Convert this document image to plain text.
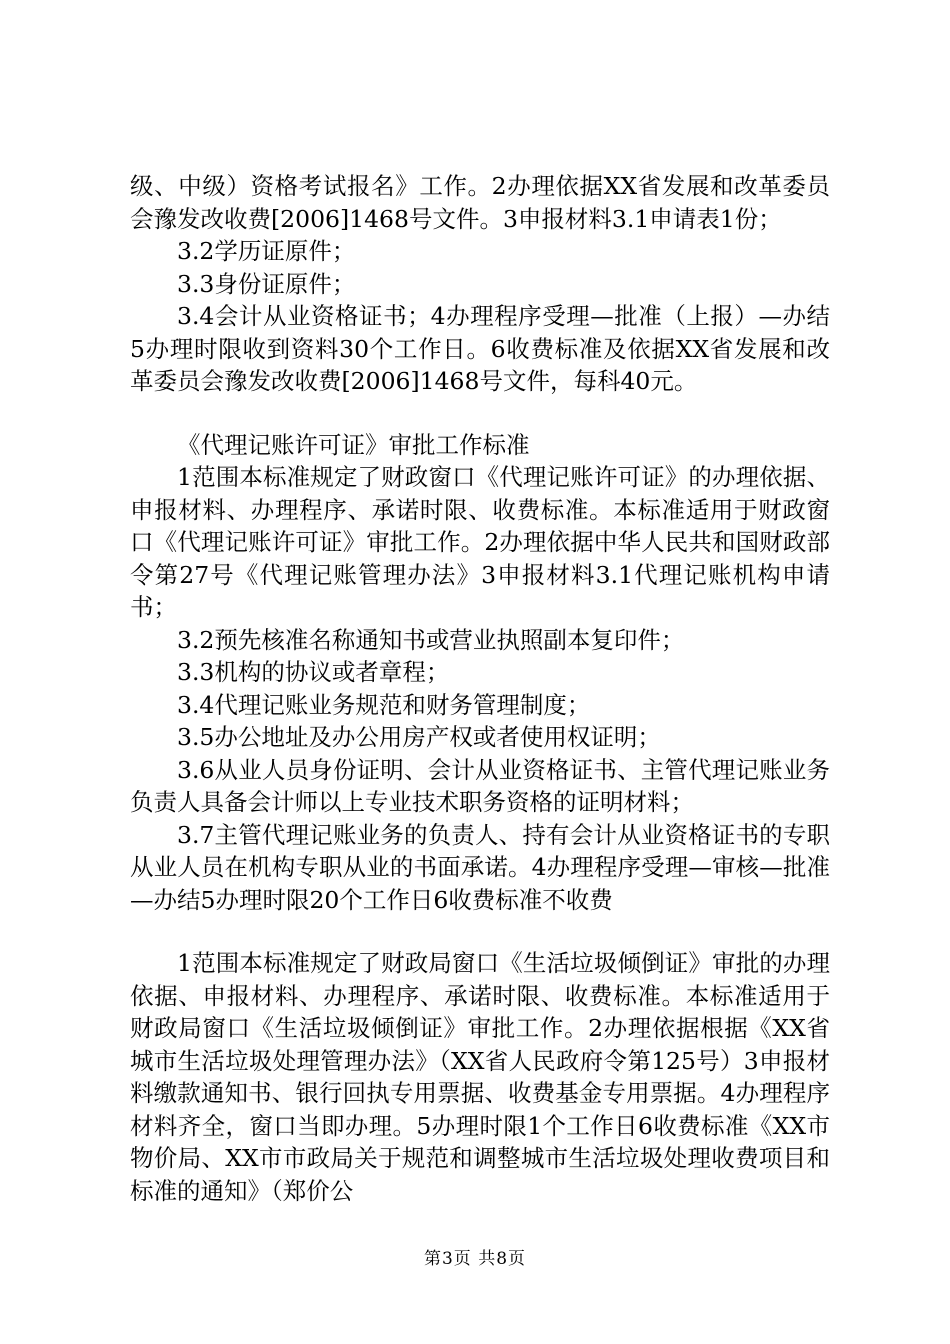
级、中级）资格考试报名》工作。2办理依据XX省发展和改革委员会豫发改收费[2006]1468号文件。3申报材料3.1申请表1份；

3.2学历证原件；

3.3身份证原件；

3.4会计从业资格证书；4办理程序受理—批准（上报）—办结5办理时限收到资料30个工作日。6收费标准及依据XX省发展和改革委员会豫发改收费[2006]1468号文件，每科40元。

《代理记账许可证》审批工作标准

1范围本标准规定了财政窗口《代理记账许可证》的办理依据、申报材料、办理程序、承诺时限、收费标准。本标准适用于财政窗口《代理记账许可证》审批工作。2办理依据中华人民共和国财政部令第27号《代理记账管理办法》3申报材料3.1代理记账机构申请书；

3.2预先核准名称通知书或营业执照副本复印件；

3.3机构的协议或者章程；

3.4代理记账业务规范和财务管理制度；

3.5办公地址及办公用房产权或者使用权证明；

3.6从业人员身份证明、会计从业资格证书、主管代理记账业务负责人具备会计师以上专业技术职务资格的证明材料；

3.7主管代理记账业务的负责人、持有会计从业资格证书的专职从业人员在机构专职从业的书面承诺。4办理程序受理—审核—批准—办结5办理时限20个工作日6收费标准不收费

1范围本标准规定了财政局窗口《生活垃圾倾倒证》审批的办理依据、申报材料、办理程序、承诺时限、收费标准。本标准适用于财政局窗口《生活垃圾倾倒证》审批工作。2办理依据根据《XX省城市生活垃圾处理管理办法》（XX省人民政府令第125号）3申报材料缴款通知书、银行回执专用票据、收费基金专用票据。4办理程序材料齐全，窗口当即办理。5办理时限1个工作日6收费标准《XX市物价局、XX市市政局关于规范和调整城市生活垃圾处理收费项目和标准的通知》（郑价公

第3页 共8页
